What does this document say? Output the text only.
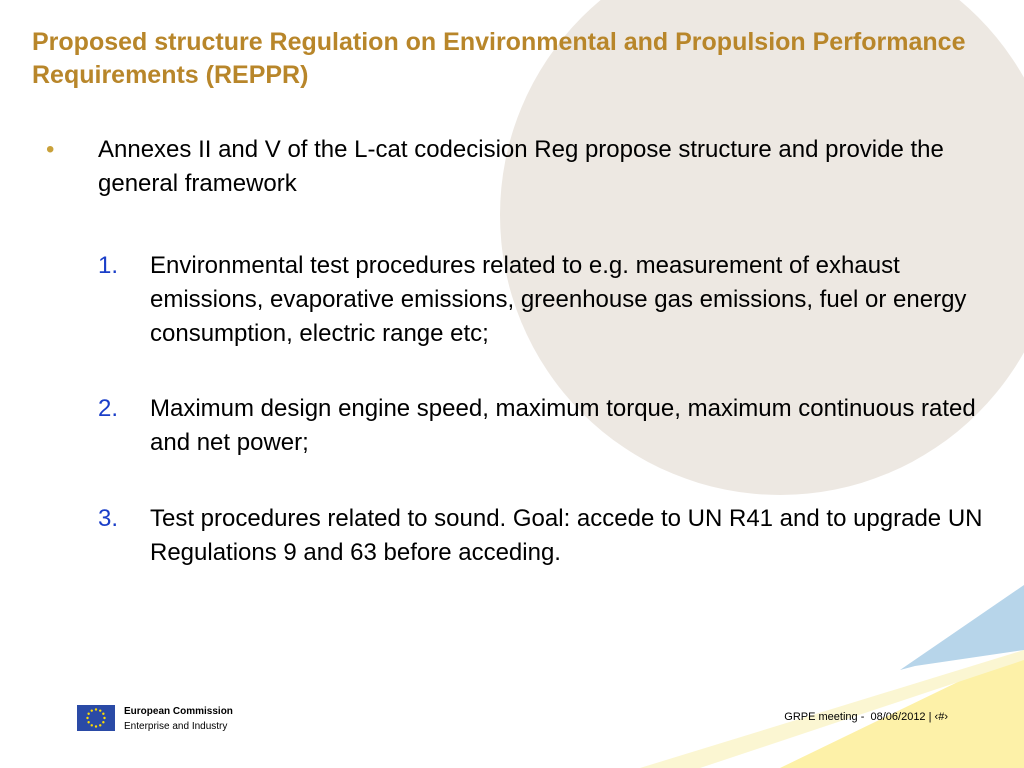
Proposed structure Regulation on Environmental and Propulsion Performance Requirements (REPPR)
• Annexes II and V of the L-cat codecision Reg propose structure and provide the general framework
1. Environmental test procedures related to e.g. measurement of exhaust emissions, evaporative emissions, greenhouse gas emissions, fuel or energy consumption, electric range etc;
2. Maximum design engine speed, maximum torque, maximum continuous rated and net power;
3. Test procedures related to sound. Goal: accede to UN R41 and to upgrade UN Regulations 9 and 63 before acceding.
European Commission
Enterprise and Industry
GRPE meeting -  08/06/2012 | ‹#›
